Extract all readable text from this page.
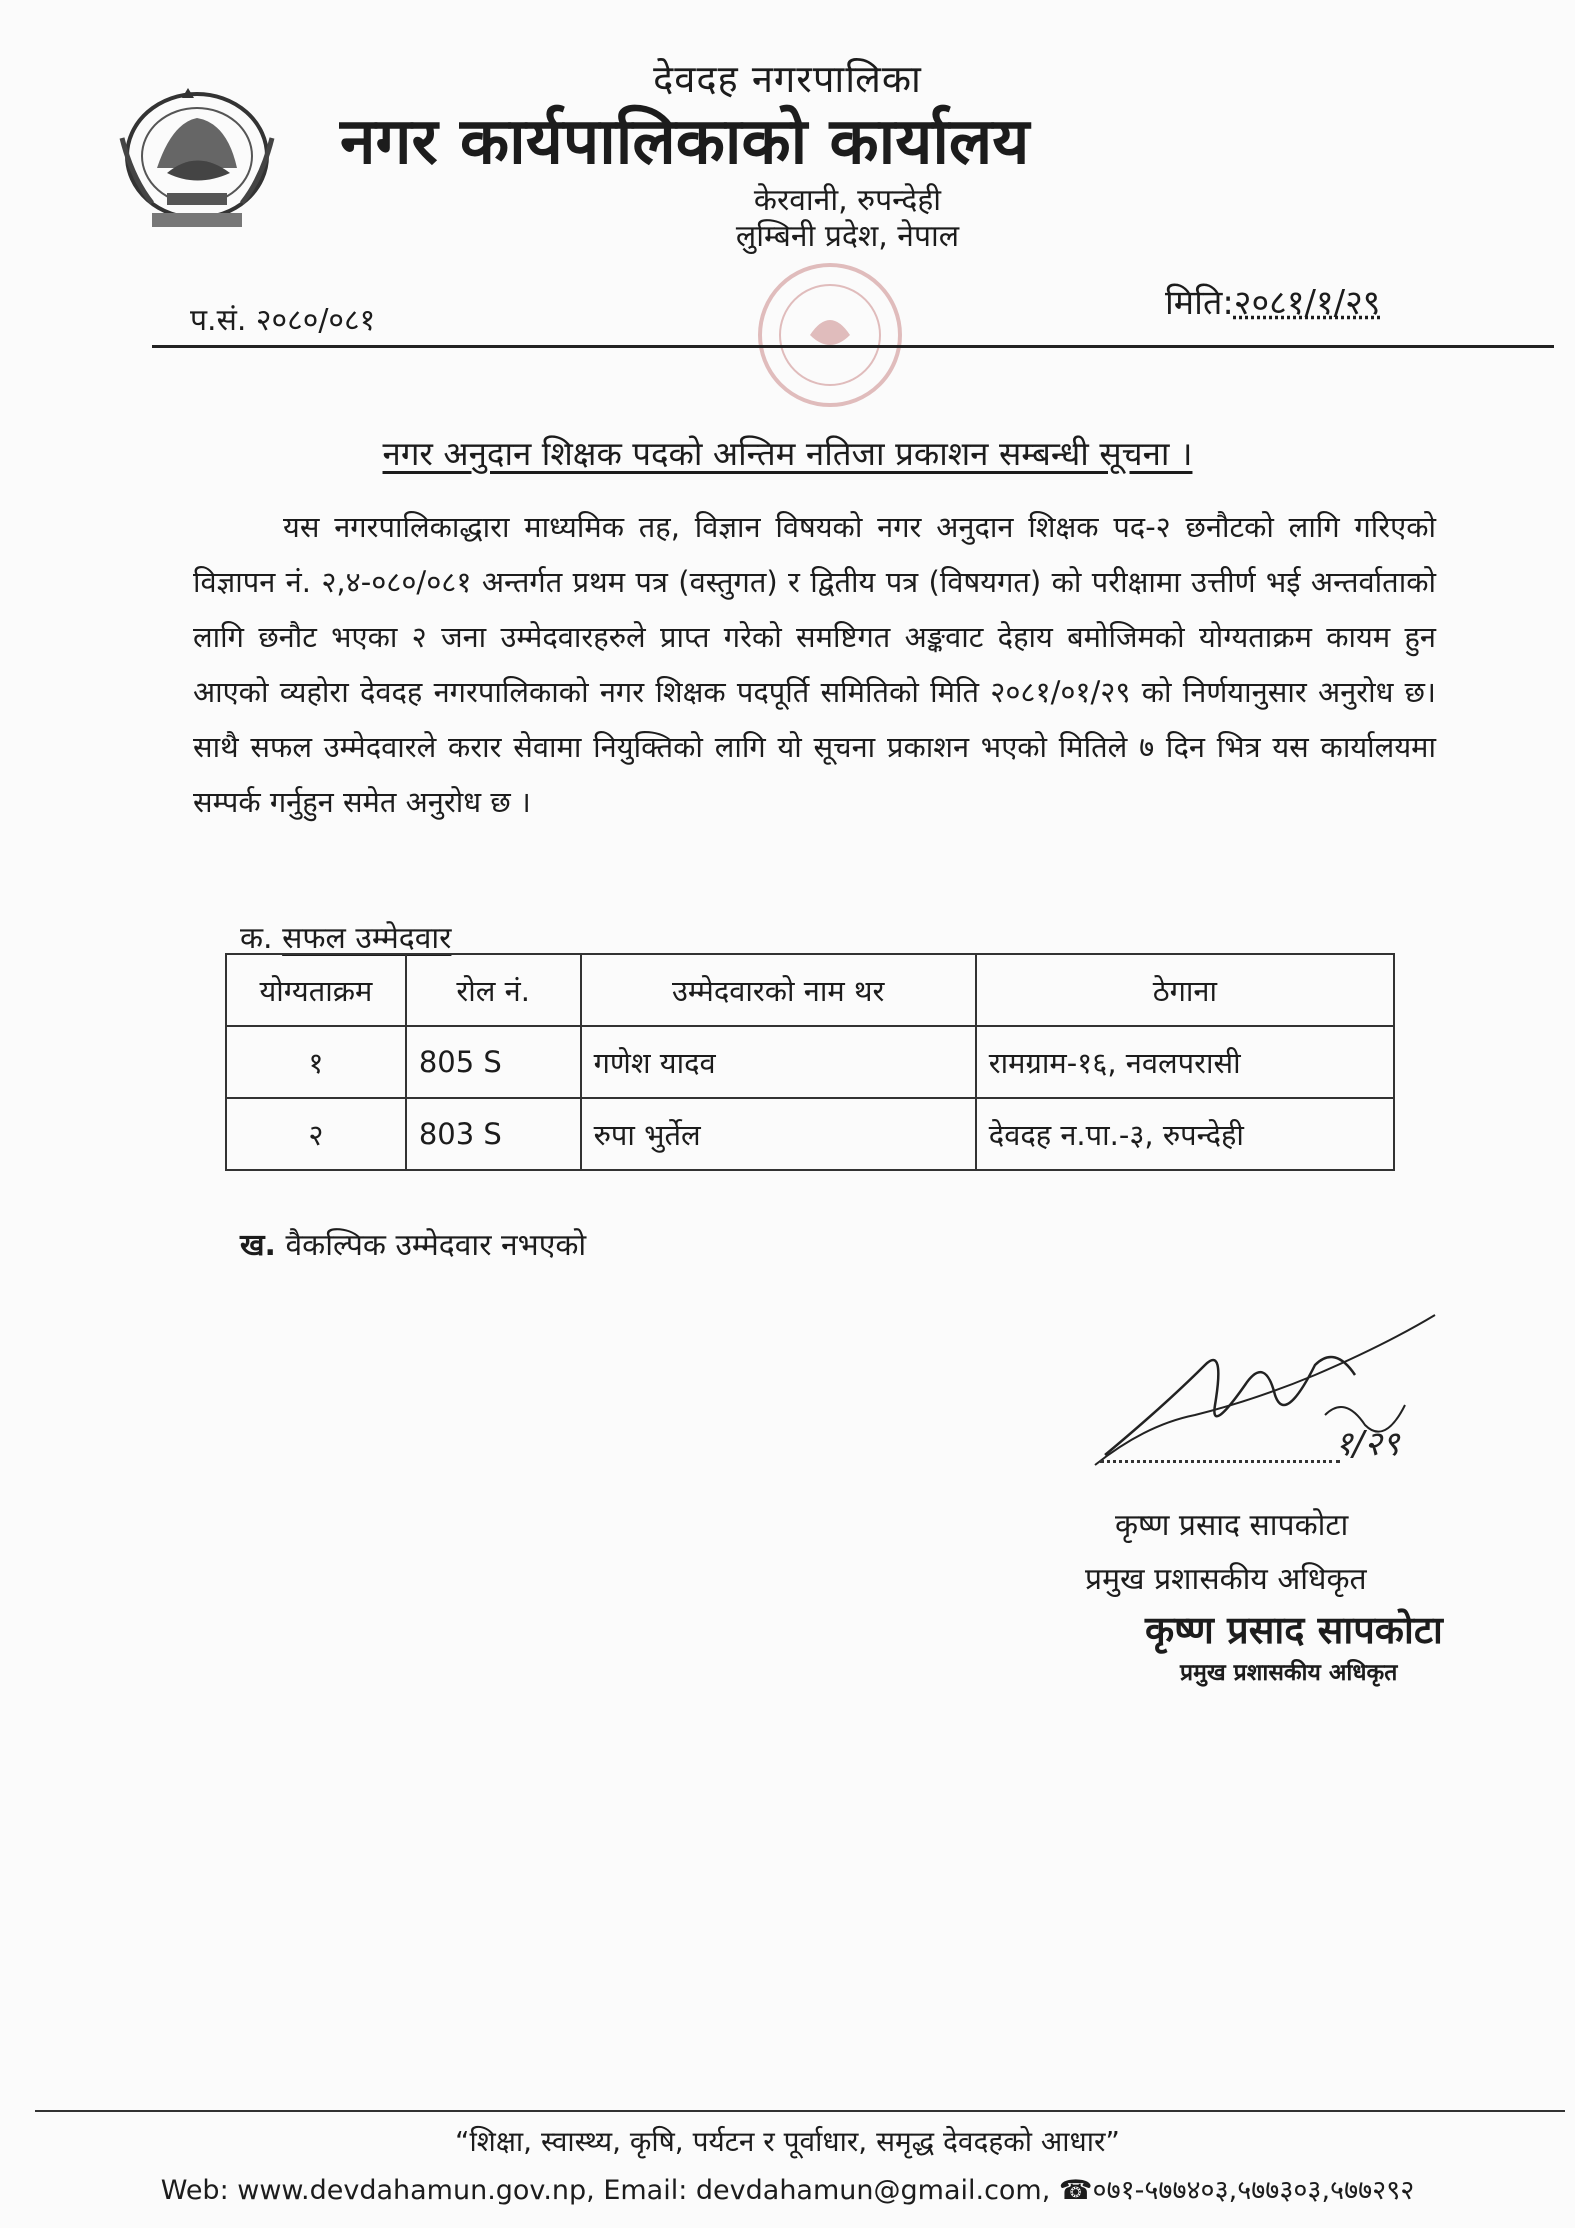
देवदह नगरपालिका
नगर कार्यपालिकाको कार्यालय
केरवानी, रुपन्देही
लुम्बिनी प्रदेश, नेपाल
प.सं. २०८०/०८१	मिति:२०८१/१/२९
नगर अनुदान शिक्षक पदको अन्तिम नतिजा प्रकाशन सम्बन्धी सूचना ।
यस नगरपालिकाद्धारा माध्यमिक तह, विज्ञान विषयको नगर अनुदान शिक्षक पद-२ छनौटको लागि गरिएको विज्ञापन नं. २,४-०८०/०८१ अन्तर्गत प्रथम पत्र (वस्तुगत) र द्वितीय पत्र (विषयगत) को परीक्षामा उत्तीर्ण भई अन्तर्वाताको लागि छनौट भएका २ जना उम्मेदवारहरुले प्राप्त गरेको समष्टिगत अङ्कवाट देहाय बमोजिमको योग्यताक्रम कायम हुन आएको व्यहोरा देवदह नगरपालिकाको नगर शिक्षक पदपूर्ति समितिको मिति २०८१/०१/२९ को निर्णयानुसार अनुरोध छ। साथै सफल उम्मेदवारले करार सेवामा नियुक्तिको लागि यो सूचना प्रकाशन भएको मितिले ७ दिन भित्र यस कार्यालयमा सम्पर्क गर्नुहुन समेत अनुरोध छ ।
क. सफल उम्मेदवार
योग्यताक्रम	रोल नं.	उम्मेदवारको नाम थर	ठेगाना
१	805 S	गणेश यादव	रामग्राम-१६, नवलपरासी
२	803 S	रुपा भुर्तेल	देवदह न.पा.-३, रुपन्देही
ख. वैकल्पिक उम्मेदवार नभएको
१/२९
कृष्ण प्रसाद सापकोटा
प्रमुख प्रशासकीय अधिकृत
कृष्ण प्रसाद सापकोटा
प्रमुख प्रशासकीय अधिकृत
“शिक्षा, स्वास्थ्य, कृषि, पर्यटन र पूर्वाधार, समृद्ध देवदहको आधार”
Web: www.devdahamun.gov.np, Email: devdahamun@gmail.com, ☎०७१-५७७४०३,५७७३०३,५७७२९२
